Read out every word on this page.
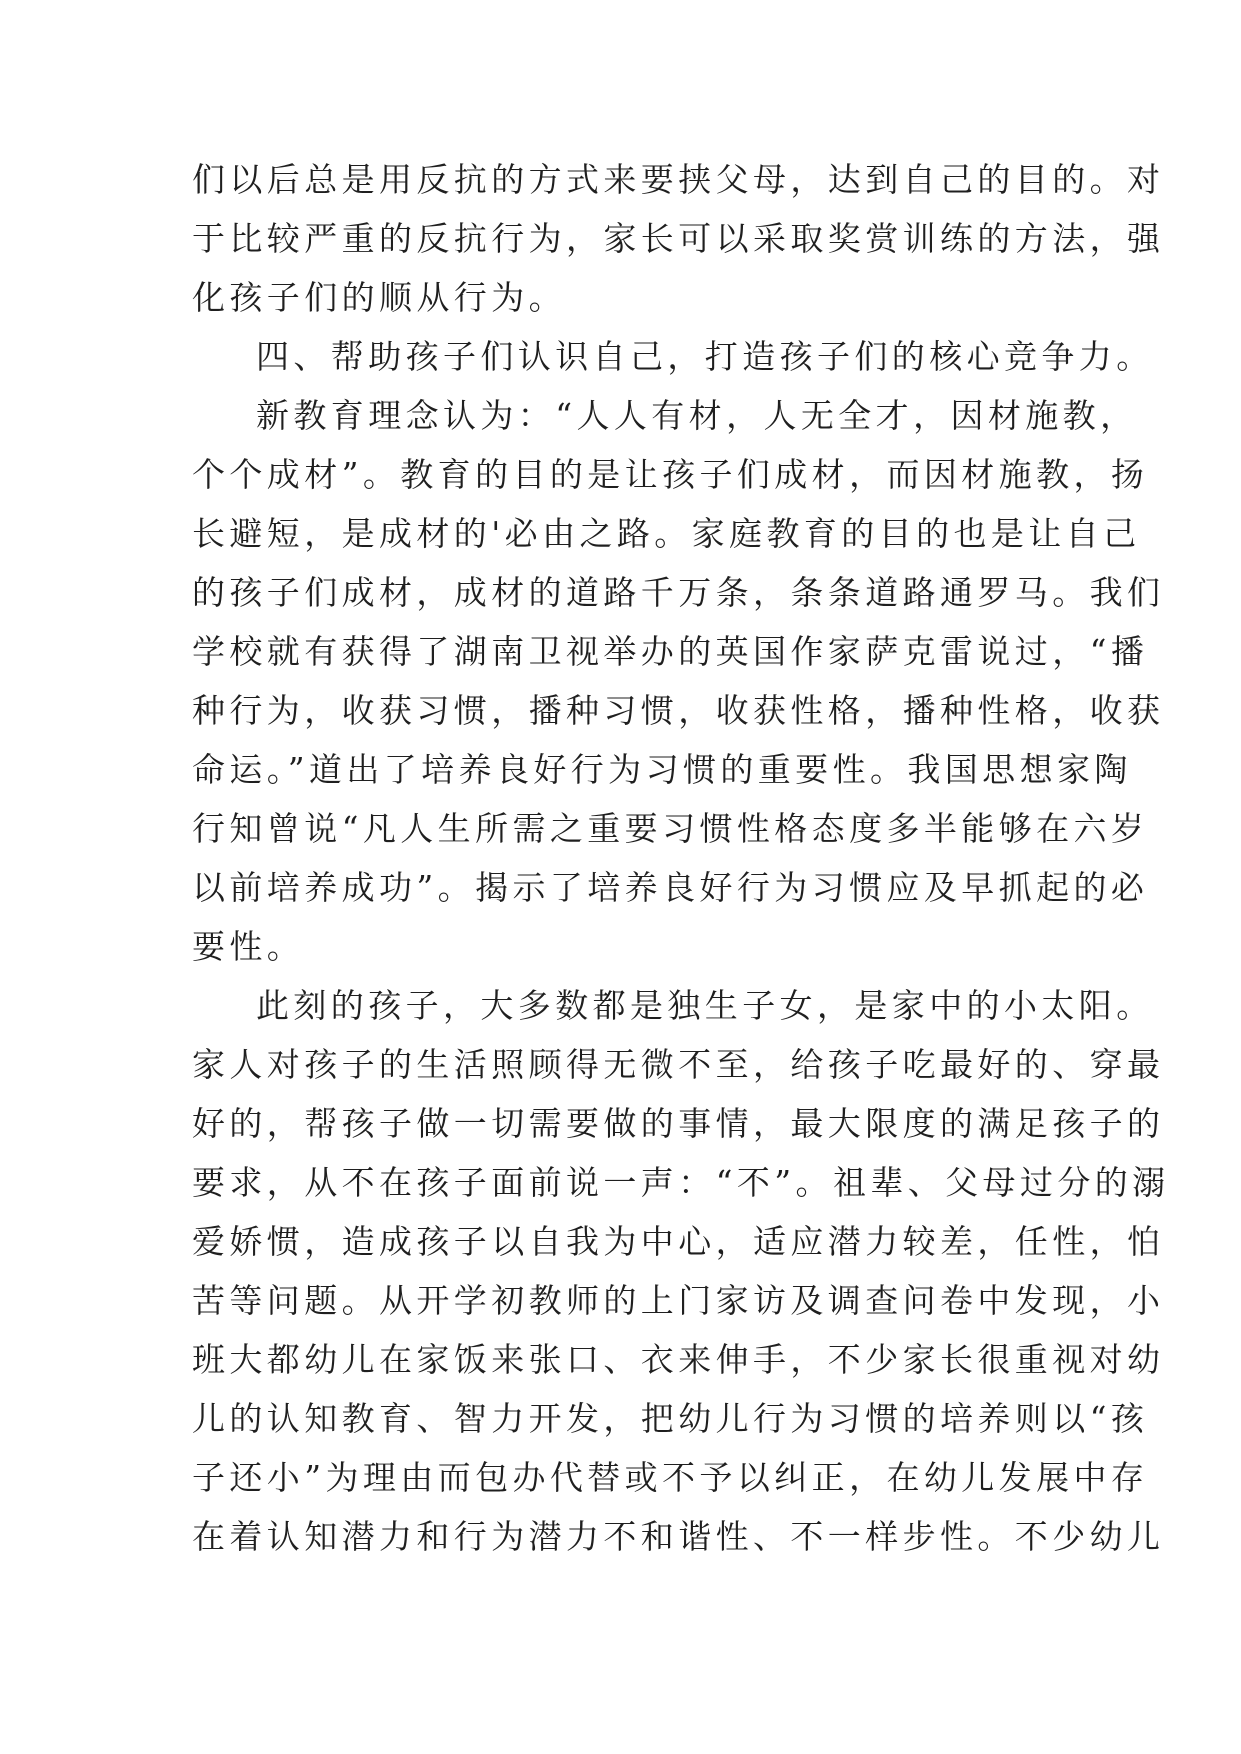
们以后总是用反抗的方式来要挟父母，达到自己的目的。对
于比较严重的反抗行为，家长可以采取奖赏训练的方法，强
化孩子们的顺从行为。
四、帮助孩子们认识自己，打造孩子们的核心竞争力。
新教育理念认为：“人人有材，人无全才，因材施教，
个个成材”。教育的目的是让孩子们成材，而因材施教，扬
长避短，是成材的'必由之路。家庭教育的目的也是让自己
的孩子们成材，成材的道路千万条，条条道路通罗马。我们
学校就有获得了湖南卫视举办的英国作家萨克雷说过，“播
种行为，收获习惯，播种习惯，收获性格，播种性格，收获
命运。”道出了培养良好行为习惯的重要性。我国思想家陶
行知曾说“凡人生所需之重要习惯性格态度多半能够在六岁
以前培养成功”。揭示了培养良好行为习惯应及早抓起的必
要性。
此刻的孩子，大多数都是独生子女，是家中的小太阳。
家人对孩子的生活照顾得无微不至，给孩子吃最好的、穿最
好的，帮孩子做一切需要做的事情，最大限度的满足孩子的
要求，从不在孩子面前说一声：“不”。祖辈、父母过分的溺
爱娇惯，造成孩子以自我为中心，适应潜力较差，任性，怕
苦等问题。从开学初教师的上门家访及调查问卷中发现，小
班大都幼儿在家饭来张口、衣来伸手，不少家长很重视对幼
儿的认知教育、智力开发，把幼儿行为习惯的培养则以“孩
子还小”为理由而包办代替或不予以纠正，在幼儿发展中存
在着认知潜力和行为潜力不和谐性、不一样步性。不少幼儿
